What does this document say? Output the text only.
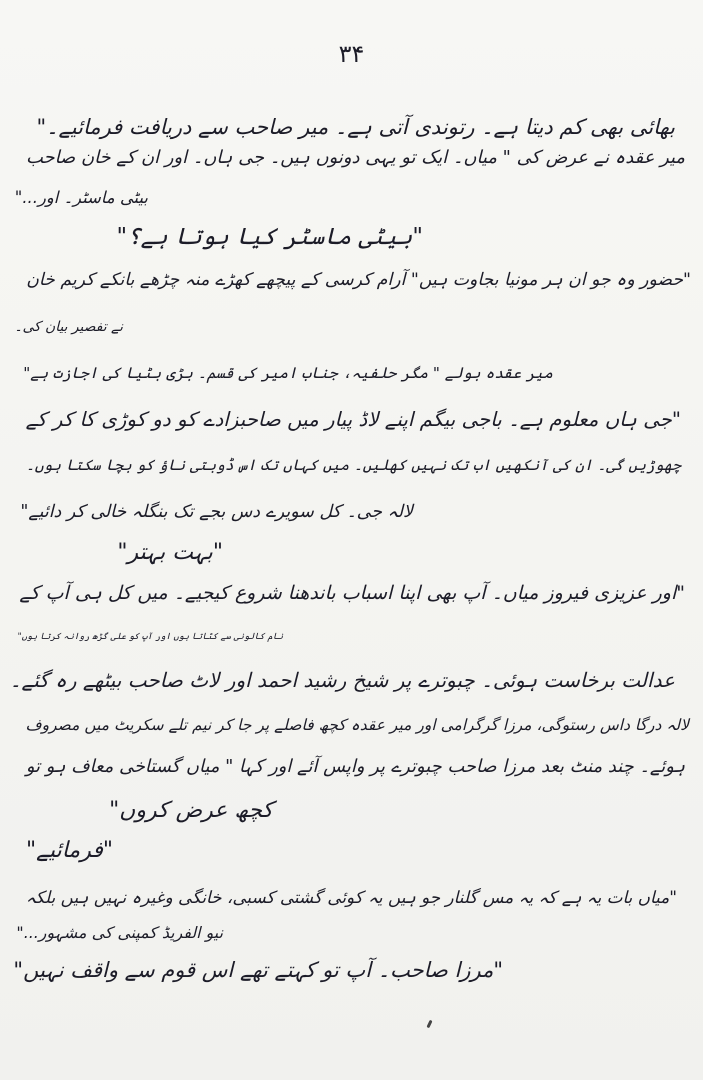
۳۴
بھائی بھی کم دیتا ہے۔ رتوندی آتی ہے۔ میر صاحب سے دریافت فرمائیے۔"
میر عقدہ نے عرض کی " میاں۔ ایک تو یہی دونوں ہیں۔ جی ہاں۔ اور ان کے خان صاحب
بیٹی ماسٹر۔ اور..."
"بیٹی ماسٹر کیا ہوتا ہے؟"
"حضور وہ جو ان ہر مونیا بجاوت ہیں" آرام کرسی کے پیچھے کھڑے منہ چڑھے بانکے کریم خان
نے تفصیر بیان کی۔
میر عقدہ بولے " مگر حلفیہ، جناب امیر کی قسم۔ بڑی بٹیا کی اجازت ہے"
"جی ہاں معلوم ہے۔ باجی بیگم اپنے لاڈ پیار میں صاحبزادے کو دو کوڑی کا کر کے
چھوڑیں گی۔ ان کی آنکھیں اب تک نہیں کھلیں۔ میں کہاں تک اس ڈوبتی ناؤ کو بچا سکتا ہوں۔
لالہ جی۔ کل سویرے دس بجے تک بنگلہ خالی کر دائیے"
"بہت بہتر"
"اور عزیزی فیروز میاں۔ آپ بھی اپنا اسباب باندھنا شروع کیجیے۔ میں کل ہی آپ کے
نام کالونی سے کٹاتا ہوں اور آپ کو علی گڑھ روانہ کرتا ہوں"
عدالت برخاست ہوئی۔ چبوترے پر شیخ رشید احمد اور لاٹ صاحب بیٹھے رہ گئے۔
لالہ درگا داس رستوگی، مرزا گرگرامی اور میر عقدہ کچھ فاصلے پر جا کر نیم تلے سکریٹ میں مصروف
ہوئے۔ چند منٹ بعد مرزا صاحب چبوترے پر واپس آئے اور کہا " میاں گستاخی معاف ہو تو
کچھ عرض کروں"
"فرمائیے"
"میاں بات یہ ہے کہ یہ مس گلنار جو ہیں یہ کوئی گشتی کسبی، خانگی وغیرہ نہیں ہیں بلکہ
نیو الفریڈ کمپنی کی مشہور..."
"مرزا صاحب۔ آپ تو کہتے تھے اس قوم سے واقف نہیں"
